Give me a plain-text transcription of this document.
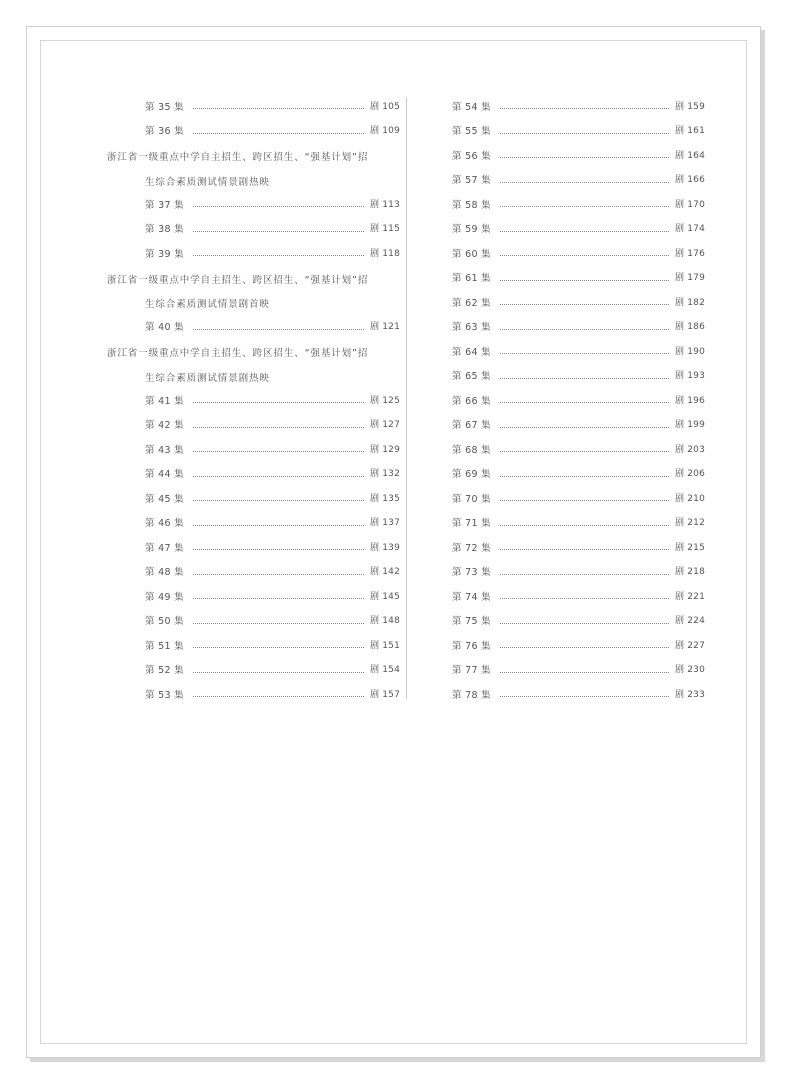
第 35 集	剧 105
第 36 集	剧 109
浙江省一级重点中学自主招生、跨区招生、“强基计划”招
生综合素质测试情景剧热映
第 37 集	剧 113
第 38 集	剧 115
第 39 集	剧 118
浙江省一级重点中学自主招生、跨区招生、“强基计划”招
生综合素质测试情景剧首映
第 40 集	剧 121
浙江省一级重点中学自主招生、跨区招生、“强基计划”招
生综合素质测试情景剧热映
第 41 集	剧 125
第 42 集	剧 127
第 43 集	剧 129
第 44 集	剧 132
第 45 集	剧 135
第 46 集	剧 137
第 47 集	剧 139
第 48 集	剧 142
第 49 集	剧 145
第 50 集	剧 148
第 51 集	剧 151
第 52 集	剧 154
第 53 集	剧 157
第 54 集	剧 159
第 55 集	剧 161
第 56 集	剧 164
第 57 集	剧 166
第 58 集	剧 170
第 59 集	剧 174
第 60 集	剧 176
第 61 集	剧 179
第 62 集	剧 182
第 63 集	剧 186
第 64 集	剧 190
第 65 集	剧 193
第 66 集	剧 196
第 67 集	剧 199
第 68 集	剧 203
第 69 集	剧 206
第 70 集	剧 210
第 71 集	剧 212
第 72 集	剧 215
第 73 集	剧 218
第 74 集	剧 221
第 75 集	剧 224
第 76 集	剧 227
第 77 集	剧 230
第 78 集	剧 233
